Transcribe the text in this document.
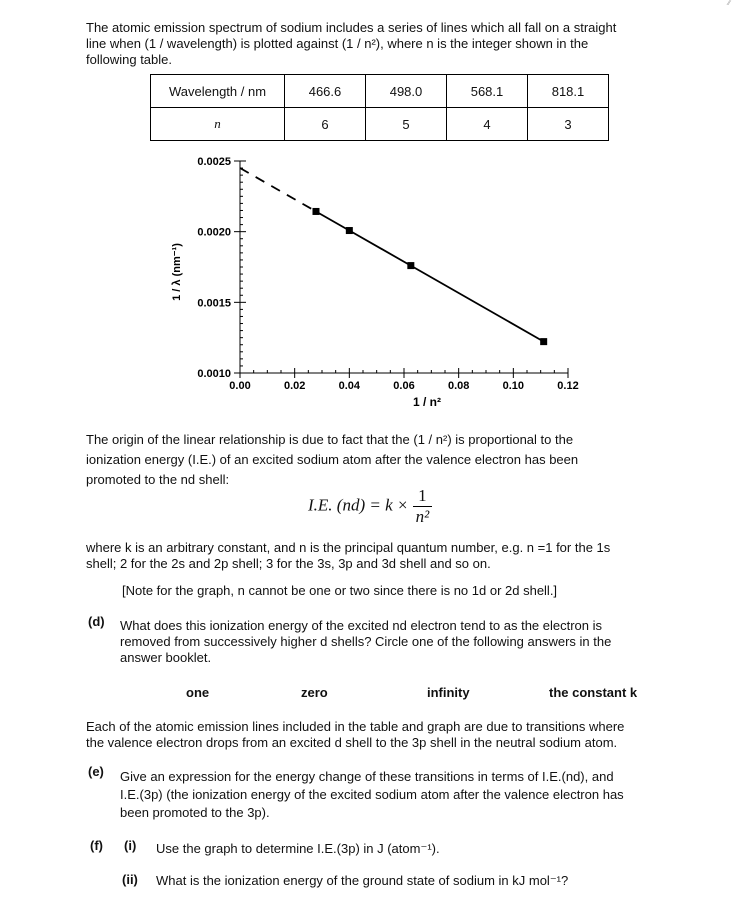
∕∕
The atomic emission spectrum of sodium includes a series of lines which all fall on a straight
line when (1 / wavelength) is plotted against (1 / n²), where n is the integer shown in the
following table.
Wavelength / nm	466.6	498.0	568.1	818.1
n	6	5	4	3
0.0010
0.0015
0.0020
0.0025
0.00	0.02	0.04	0.06	0.08	0.10	0.12
1 / n²
1 / λ (nm⁻¹)
The origin of the linear relationship is due to fact that the (1 / n²) is proportional to the
ionization energy (I.E.) of an excited sodium atom after the valence electron has been
promoted to the nd shell:
I.E. $(nd) = k \times \frac{1}{\text{n²}}$
where k is an arbitrary constant, and n is the principal quantum number, e.g. n =1 for the 1s
shell; 2 for the 2s and 2p shell; 3 for the 3s, 3p and 3d shell and so on.
[Note for the graph, n cannot be one or two since there is no 1d or 2d shell.]
(d) What does this ionization energy of the excited nd electron tend to as the electron is
removed from successively higher d shells? Circle one of the following answers in the
answer booklet.
one	zero	infinity	the constant k
Each of the atomic emission lines included in the table and graph are due to transitions where
the valence electron drops from an excited d shell to the 3p shell in the neutral sodium atom.
(e) Give an expression for the energy change of these transitions in terms of I.E.(nd), and
I.E.(3p) (the ionization energy of the excited sodium atom after the valence electron has
been promoted to the 3p).
(f) (i) Use the graph to determine I.E.(3p) in J (atom⁻¹).
(ii) What is the ionization energy of the ground state of sodium in kJ mol⁻¹?
